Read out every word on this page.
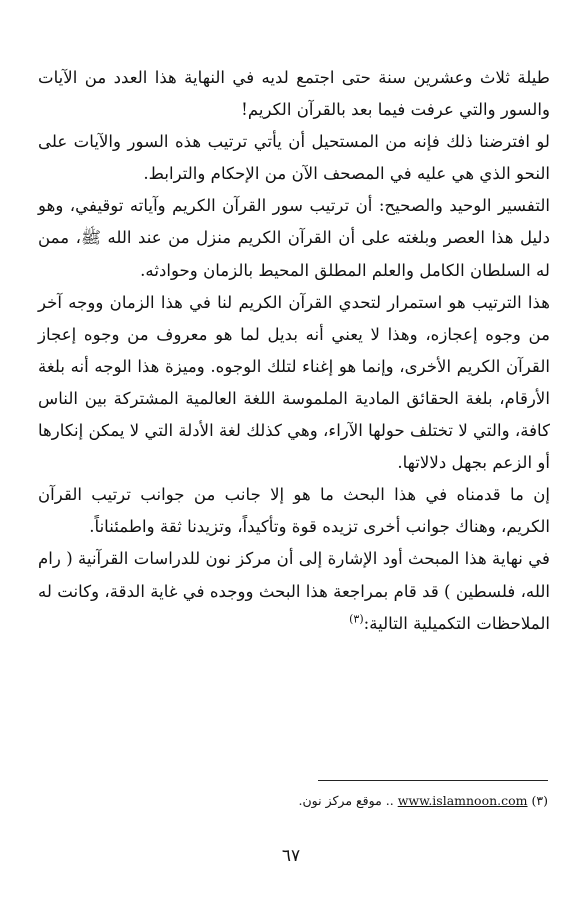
طيلة ثلاث وعشرين سنة حتى اجتمع لديه في النهاية هذا العدد من الآيات والسور والتي عرفت فيما بعد بالقرآن الكريم!

لو افترضنا ذلك فإنه من المستحيل أن يأتي ترتيب هذه السور والآيات على النحو الذي هي عليه في المصحف الآن من الإحكام والترابط.

التفسير الوحيد والصحيح: أن ترتيب سور القرآن الكريم وآياته توقيفي، وهو دليل هذا العصر وبلغته على أن القرآن الكريم منزل من عند الله ﷺ، ممن له السلطان الكامل والعلم المطلق المحيط بالزمان وحوادثه.

هذا الترتيب هو استمرار لتحدي القرآن الكريم لنا في هذا الزمان ووجه آخر من وجوه إعجازه، وهذا لا يعني أنه بديل لما هو معروف من وجوه إعجاز القرآن الكريم الأخرى، وإنما هو إغناء لتلك الوجوه. وميزة هذا الوجه أنه بلغة الأرقام، بلغة الحقائق المادية الملموسة اللغة العالمية المشتركة بين الناس كافة، والتي لا تختلف حولها الآراء، وهي كذلك لغة الأدلة التي لا يمكن إنكارها أو الزعم بجهل دلالاتها.

إن ما قدمناه في هذا البحث ما هو إلا جانب من جوانب ترتيب القرآن الكريم، وهناك جوانب أخرى تزيده قوة وتأكيداً، وتزيدنا ثقة واطمئناناً.

في نهاية هذا المبحث أود الإشارة إلى أن مركز نون للدراسات القرآنية ( رام الله، فلسطين ) قد قام بمراجعة هذا البحث ووجده في غاية الدقة، وكانت له الملاحظات التكميلية التالية:$^{(٣)}$

(٣) www.islamnoon.com .. موقع مركز نون.
٦٧
